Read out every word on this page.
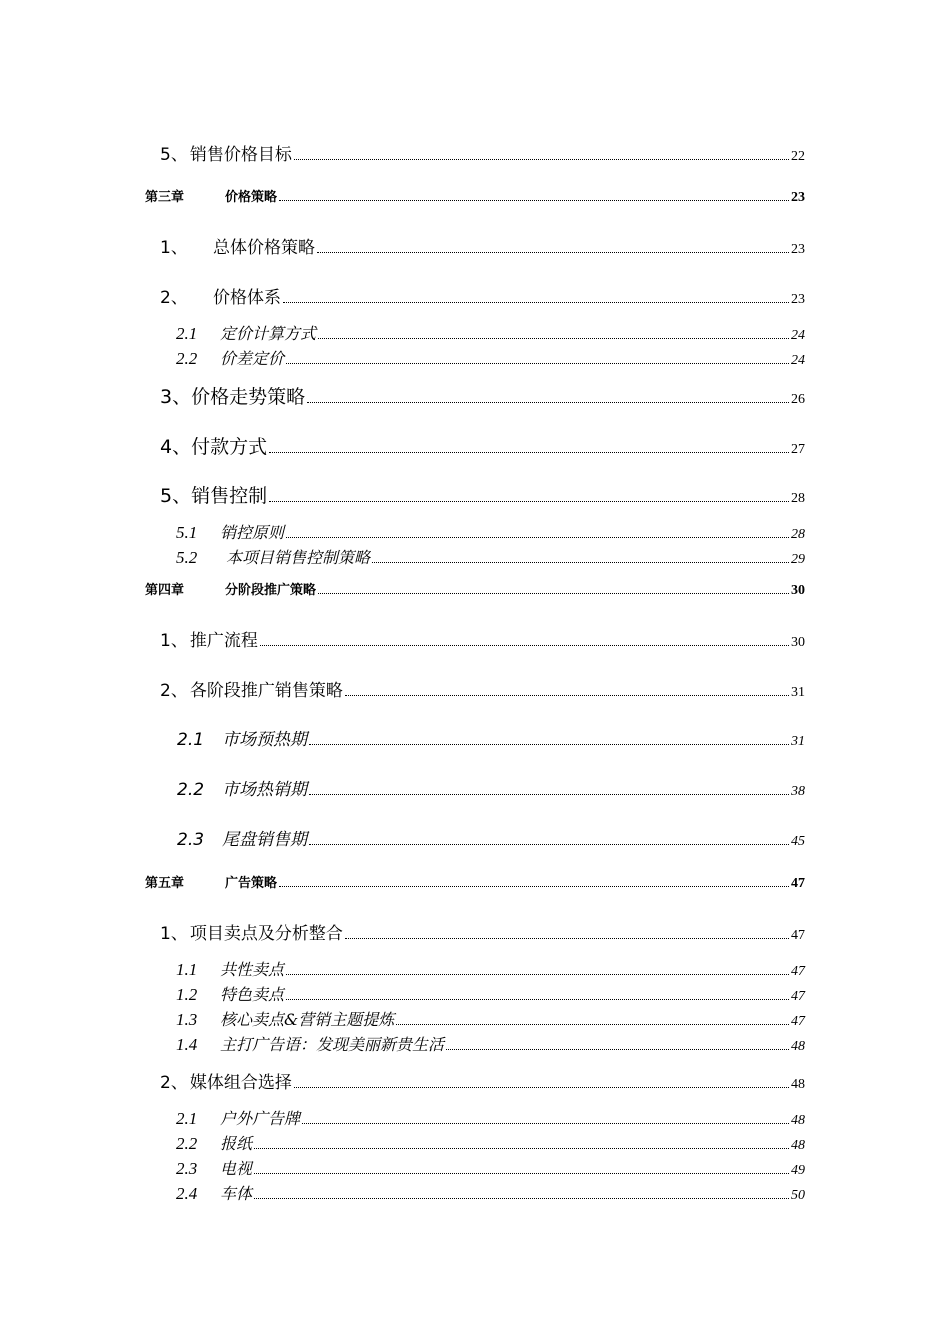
5、 销售价格目标	22
第三章	价格策略	23
1、	总体价格策略	23
2、	价格体系	23
2.1	定价计算方式	24
2.2	价差定价	24
3、 价格走势策略	26
4、 付款方式	27
5、 销售控制	28
5.1	销控原则	28
5.2	本项目销售控制策略	29
第四章	分阶段推广策略	30
1、 推广流程	30
2、 各阶段推广销售策略	31
2.1	市场预热期	31
2.2	市场热销期	38
2.3	尾盘销售期	45
第五章	广告策略	47
1、 项目卖点及分析整合	47
1.1	共性卖点	47
1.2	特色卖点	47
1.3	核心卖点&营销主题提炼	47
1.4	主打广告语：发现美丽新贵生活	48
2、 媒体组合选择	48
2.1	户外广告牌	48
2.2	报纸	48
2.3	电视	49
2.4	车体	50
